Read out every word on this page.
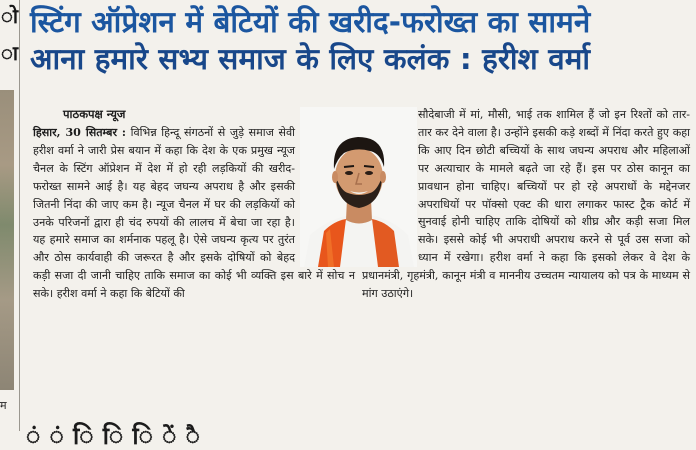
ो
ा
म
स्टिंग ऑप्रेशन में बेटियों की खरीद-फरोख्त का सामने
आना हमारे सभ्य समाज के लिए कलंक : हरीश वर्मा
पाठकपक्ष न्यूज

हिसार, 30 सितम्बर : विभिन्न हिन्दू संगठनों से जुड़े समाज सेवी हरीश वर्मा ने जारी प्रेस बयान में कहा कि देश के एक प्रमुख न्यूज चैनल के स्टिंग ऑप्रेशन में देश में हो रही लड़कियों की खरीद-फरोख्त सामने आई है। यह बेहद जघन्य अपराध है और इसकी जितनी निंदा की जाए कम है। न्यूज चैनल में घर की लड़कियों को उनके परिजनों द्वारा ही चंद रुपयों की लालच में बेचा जा रहा है। यह हमारे समाज का शर्मनाक पहलू है। ऐसे जघन्य कृत्य पर तुरंत और ठोस कार्यवाही की जरूरत है और इसके दोषियों को बेहद कड़ी सजा दी जानी चाहिए ताकि समाज का कोई भी व्यक्ति इस बारे में सोच न सके। हरीश वर्मा ने कहा कि बेटियों की

सौदेबाजी में मां, मौसी, भाई तक शामिल हैं जो इन रिश्तों को तार-तार कर देने वाला है। उन्होंने इसकी कड़े शब्दों में निंदा करते हुए कहा कि आए दिन छोटी बच्चियों के साथ जघन्य अपराध और महिलाओं पर अत्याचार के मामले बढ़ते जा रहे हैं। इस पर ठोस कानून का प्रावधान होना चाहिए। बच्चियों पर हो रहे अपराधों के मद्देनजर अपराधियों पर पॉक्सो एक्ट की धारा लगाकर फास्ट ट्रैक कोर्ट में सुनवाई होनी चाहिए ताकि दोषियों को शीघ्र और कड़ी सजा मिल सके। इससे कोई भी अपराधी अपराध करने से पूर्व उस सजा को ध्यान में रखेगा। हरीश वर्मा ने कहा कि इसको लेकर वे देश के प्रधानमंत्री, गृहमंत्री, कानून मंत्री व माननीय उच्चतम न्यायालय को पत्र के माध्यम से मांग उठाएंगे।

ं ं ि ि ि ें ै
